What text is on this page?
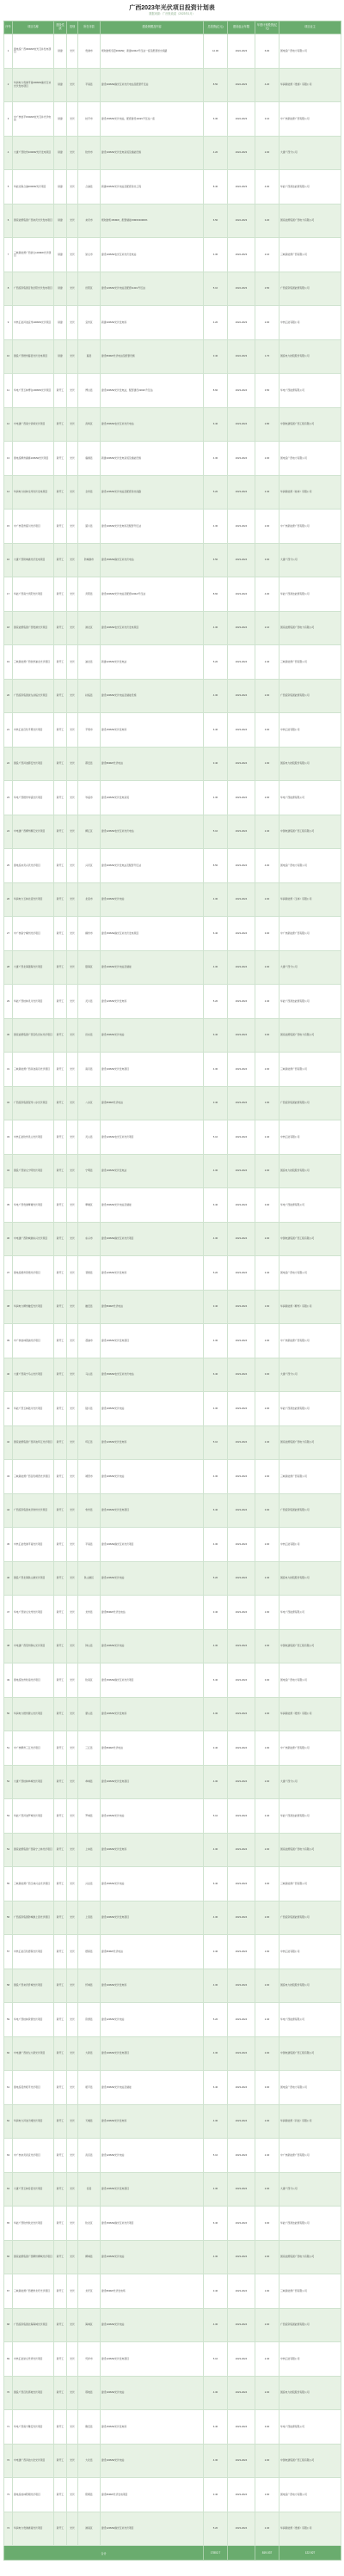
广西2023年光伏项目投资计划表
数据来源：广西发改委（2023年1月）
序号	项目名称	建设性质	类别	所在市县	建设规模及内容	总投资(亿元)	建设起止年限	年度计划投资(亿元)	项目业主
1	国电投广西300MW农光互补发电项目	续建	光伏	贵港市	规划装机容量300MW，新建220kV升压站一座及配套送出线路	12.00	2022-2023	6.00	国电投广西电力有限公司
2	华润电力贵港平南200MW渔光互补光伏发电项目	续建	光伏	平南县	建设200MW渔光互补光伏电站及配套升压站	8.50	2022-2023	4.20	华润新能源（贵港）有限公司
3	中广核桂平150MW农光互补光伏电站	续建	光伏	桂平市	建设150MW光伏电站，配套建设110kV升压站一座	6.30	2022-2023	3.10	中广核新能源广西有限公司
4	大唐广西钦州100MW光伏发电项目	续建	光伏	钦州市	建设100MW光伏发电系统及储能设施	4.20	2022-2023	2.00	大唐广西分公司
5	华能北海合浦200MW光伏项目	续建	光伏	合浦县	新建200MW光伏电站及配套送出工程	8.40	2022-2023	4.00	华能广西清洁能源有限公司
6	国家能源集团广西来宾光伏发电项目	续建	光伏	来宾市	规划装机150MW，配套储能15MW/30MWh	6.50	2022-2023	3.20	国家能源集团广西电力有限公司
7	三峡新能源广西崇左100MW光伏项目	续建	光伏	崇左市	建设100MW农光互补光伏发电站	4.30	2022-2023	2.10	三峡新能源广西有限公司
8	广西投资集团百色田阳光伏发电项目	续建	光伏	田阳区	建设120MW光伏电站及配套110kV升压站	5.10	2022-2023	2.50	广西投资集团能源有限公司
9	中核汇能河池宜州100MW光伏项目	续建	光伏	宜州区	新建100MW光伏发电场	4.20	2022-2023	2.00	中核汇能有限公司
10	国投广西梧州藤县光伏发电项目	续建	光伏	藤县	建设80MW光伏电站及配套设施	3.40	2022-2023	1.70	国投电力控股股份有限公司
11	华电广西玉林博白200MW光伏项目	新开工	光伏	博白县	建设200MW光伏发电站，配套建设220kV升压站	8.60	2023-2024	3.50	华电广西能源有限公司
12	中电建广西南宁武鸣光伏项目	新开工	光伏	武鸣区	建设150MW农光互补光伏电站	6.40	2023-2024	2.80	中国电建集团广西工程有限公司
13	国电投柳州鹿寨100MW光伏项目	新开工	光伏	鹿寨县	新建100MW光伏发电系统及储能设施	4.30	2023-2024	2.00	国电投广西电力有限公司
14	华润电力桂林全州光伏发电项目	新开工	光伏	全州县	建设120MW光伏电站及配套送出线路	5.20	2023-2024	2.40	华润新能源（桂林）有限公司
15	中广核贺州富川光伏项目	新开工	光伏	富川县	建设100MW光伏发电场及配套升压站	4.30	2023-2024	2.00	中广核新能源广西有限公司
16	大唐广西防城港光伏发电项目	新开工	光伏	防城港市	建设150MW渔光互补光伏电站	6.50	2023-2024	3.00	大唐广西分公司
17	华能广西南宁宾阳光伏项目	新开工	光伏	宾阳县	建设200MW光伏电站及配套220kV升压站	8.60	2023-2024	4.00	华能广西清洁能源有限公司
18	国家能源集团广西贵港光伏项目	新开工	光伏	港北区	建设100MW农光互补光伏发电项目	4.30	2023-2024	2.10	国家能源集团广西电力有限公司
19	三峡新能源广西钦州浦北光伏项目	新开工	光伏	浦北县	新建120MW光伏发电站	5.20	2023-2024	2.40	三峡新能源广西有限公司
20	广西投资集团崇左扶绥光伏项目	新开工	光伏	扶绥县	建设100MW光伏电站及储能设施	4.30	2023-2024	2.00	广西投资集团能源有限公司
21	中核汇能百色平果光伏项目	新开工	光伏	平果市	建设150MW光伏发电场	6.40	2023-2024	3.00	中核汇能有限公司
22	国投广西河池都安光伏项目	新开工	光伏	都安县	建设80MW光伏电站	3.40	2023-2024	1.60	国投电力控股股份有限公司
23	华电广西梧州岑溪光伏项目	新开工	光伏	岑溪市	建设100MW光伏发电系统	4.30	2023-2024	2.00	华电广西能源有限公司
24	中电建广西柳州柳江光伏项目	新开工	光伏	柳江区	建设120MW农光互补光伏电站	5.10	2023-2024	2.40	中国电建集团广西工程有限公司
25	国电投来宾兴宾光伏项目	新开工	光伏	兴宾区	建设200MW光伏发电站及配套升压站	8.50	2023-2024	4.00	国电投广西电力有限公司
26	华润电力玉林北流光伏项目	新开工	光伏	北流市	建设100MW光伏电站	4.30	2023-2024	2.00	华润新能源（玉林）有限公司
27	中广核南宁横州光伏项目	新开工	光伏	横州市	建设150MW渔光互补光伏发电项目	6.40	2023-2024	3.00	中广核新能源广西有限公司
28	大唐广西北海银海光伏项目	新开工	光伏	银海区	建设100MW光伏电站及储能	4.30	2023-2024	2.00	大唐广西分公司
29	华能广西桂林灵川光伏项目	新开工	光伏	灵川县	建设120MW光伏发电场	5.20	2023-2024	2.40	华能广西清洁能源有限公司
30	国家能源集团广西百色田东光伏项目	新开工	光伏	田东县	建设150MW光伏电站	6.40	2023-2024	3.00	国家能源集团广西电力有限公司
31	三峡新能源广西河池南丹光伏项目	新开工	光伏	南丹县	建设100MW光伏发电项目	4.30	2023-2024	2.00	三峡新能源广西有限公司
32	广西投资集团贺州八步光伏项目	新开工	光伏	八步区	建设80MW光伏电站	3.40	2023-2024	1.60	广西投资集团能源有限公司
33	中核汇能钦州灵山光伏项目	新开工	光伏	灵山县	建设120MW农光互补光伏项目	5.10	2023-2024	2.40	中核汇能有限公司
34	国投广西崇左宁明光伏项目	新开工	光伏	宁明县	建设100MW光伏发电站	4.30	2023-2024	2.00	国投电力控股股份有限公司
35	华电广西贵港覃塘光伏项目	新开工	光伏	覃塘区	建设150MW光伏电站及储能	6.40	2023-2024	3.00	华电广西能源有限公司
36	中电建广西防城港东兴光伏项目	新开工	光伏	东兴市	建设100MW渔光互补光伏项目	4.30	2023-2024	2.00	中国电建集团广西工程有限公司
37	国电投梧州苍梧光伏项目	新开工	光伏	苍梧县	建设120MW光伏发电场	5.20	2023-2024	2.40	国电投广西电力有限公司
38	华润电力柳州融安光伏项目	新开工	光伏	融安县	建设80MW光伏电站	3.40	2023-2024	1.60	华润新能源（柳州）有限公司
39	中广核桂林荔浦光伏项目	新开工	光伏	荔浦市	建设100MW光伏发电项目	4.30	2023-2024	2.00	中广核新能源广西有限公司
40	大唐广西南宁马山光伏项目	新开工	光伏	马山县	建设150MW农光互补光伏电站	6.40	2023-2024	3.00	大唐广西分公司
41	华能广西玉林陆川光伏项目	新开工	光伏	陆川县	建设100MW光伏电站	4.30	2023-2024	2.00	华能广西清洁能源有限公司
42	国家能源集团广西河池环江光伏项目	新开工	光伏	环江县	建设120MW光伏发电场	5.10	2023-2024	2.40	国家能源集团广西电力有限公司
43	三峡新能源广西百色靖西光伏项目	新开工	光伏	靖西市	建设100MW光伏电站	4.30	2023-2024	2.00	三峡新能源广西有限公司
44	广西投资集团来宾象州光伏项目	新开工	光伏	象州县	建设150MW光伏发电项目	6.40	2023-2024	3.00	广西投资集团能源有限公司
45	中核汇能贵港平南光伏项目	新开工	光伏	平南县	建设100MW渔光互补光伏项目	4.30	2023-2024	2.00	中核汇能有限公司
46	国投广西北海铁山港光伏项目	新开工	光伏	铁山港区	建设120MW光伏电站	5.20	2023-2024	2.40	国投电力控股股份有限公司
47	华电广西崇左龙州光伏项目	新开工	光伏	龙州县	建设80MW光伏发电站	3.40	2023-2024	1.60	华电广西能源有限公司
48	中电建广西贺州钟山光伏项目	新开工	光伏	钟山县	建设100MW光伏电站	4.30	2023-2024	2.00	中国电建集团广西工程有限公司
49	国电投钦州钦南光伏项目	新开工	光伏	钦南区	建设150MW渔光互补光伏项目	6.40	2023-2024	3.00	国电投广西电力有限公司
50	华润电力梧州蒙山光伏项目	新开工	光伏	蒙山县	建设100MW光伏发电场	4.30	2023-2024	2.00	华润新能源（梧州）有限公司
51	中广核柳州三江光伏项目	新开工	光伏	三江县	建设80MW光伏电站	3.40	2023-2024	1.60	中广核新能源广西有限公司
52	大唐广西桂林恭城光伏项目	新开工	光伏	恭城县	建设100MW光伏发电项目	4.30	2023-2024	2.00	大唐广西分公司
53	华能广西河池罗城光伏项目	新开工	光伏	罗城县	建设120MW光伏电站	5.10	2023-2024	2.40	华能广西清洁能源有限公司
54	国家能源集团广西南宁上林光伏项目	新开工	光伏	上林县	建设100MW光伏发电场	4.30	2023-2024	2.00	国家能源集团广西电力有限公司
55	三峡新能源广西玉林兴业光伏项目	新开工	光伏	兴业县	建设150MW光伏电站	6.40	2023-2024	3.00	三峡新能源广西有限公司
56	广西投资集团防城港上思光伏项目	新开工	光伏	上思县	建设100MW光伏发电项目	4.30	2023-2024	2.00	广西投资集团能源有限公司
57	中核汇能百色德保光伏项目	新开工	光伏	德保县	建设80MW光伏电站	3.40	2023-2024	1.60	中核汇能有限公司
58	国投广西来宾忻城光伏项目	新开工	光伏	忻城县	建设100MW光伏发电场	4.30	2023-2024	2.00	国投电力控股股份有限公司
59	华电广西桂林资源光伏项目	新开工	光伏	资源县	建设120MW光伏电站	5.20	2023-2024	2.40	华电广西能源有限公司
60	中电建广西崇左大新光伏项目	新开工	光伏	大新县	建设100MW光伏发电项目	4.30	2023-2024	2.00	中国电建集团广西工程有限公司
61	国电投贺州昭平光伏项目	新开工	光伏	昭平县	建设150MW光伏电站及储能	6.40	2023-2024	3.00	国电投广西电力有限公司
62	华润电力河池天峨光伏项目	新开工	光伏	天峨县	建设100MW光伏发电场	4.30	2023-2024	2.00	华润新能源（河池）有限公司
63	中广核来宾武宣光伏项目	新开工	光伏	武宣县	建设120MW光伏电站	5.10	2023-2024	2.40	中广核新能源广西有限公司
64	大唐广西玉林容县光伏项目	新开工	光伏	容县	建设100MW光伏发电项目	4.30	2023-2024	2.00	大唐广西分公司
65	华能广西钦州钦北光伏项目	新开工	光伏	钦北区	建设150MW渔光互补光伏项目	6.40	2023-2024	3.00	华能广西清洁能源有限公司
66	国家能源集团广西柳州柳城光伏项目	新开工	光伏	柳城县	建设100MW光伏电站	4.30	2023-2024	2.00	国家能源集团广西电力有限公司
67	三峡新能源广西梧州龙圩光伏项目	新开工	光伏	龙圩区	建设80MW光伏发电场	3.40	2023-2024	1.60	三峡新能源广西有限公司
68	广西投资集团北海海城光伏项目	新开工	光伏	海城区	建设100MW光伏电站	4.30	2023-2024	2.00	广西投资集团能源有限公司
69	中核汇能崇左凭祥光伏项目	新开工	光伏	凭祥市	建设120MW光伏发电项目	5.10	2023-2024	2.40	中核汇能有限公司
70	国投广西百色那坡光伏项目	新开工	光伏	那坡县	建设100MW光伏电站	4.30	2023-2024	2.00	国投电力控股股份有限公司
71	华电广西南宁隆安光伏项目	新开工	光伏	隆安县	建设150MW光伏发电场	6.40	2023-2024	3.00	华电广西能源有限公司
72	中电建广西河池大化光伏项目	新开工	光伏	大化县	建设100MW光伏电站	4.30	2023-2024	2.00	中国电建集团广西工程有限公司
73	国电投桂林阳朔光伏项目	新开工	光伏	阳朔县	建设80MW光伏发电项目	3.40	2023-2024	1.60	国电投广西电力有限公司
74	华润电力贵港港南光伏项目	新开工	光伏	港南区	建设120MW渔光互补光伏项目	5.20	2023-2024	2.40	华润新能源（贵港）有限公司
合计						17802.7		819.037	122.927
